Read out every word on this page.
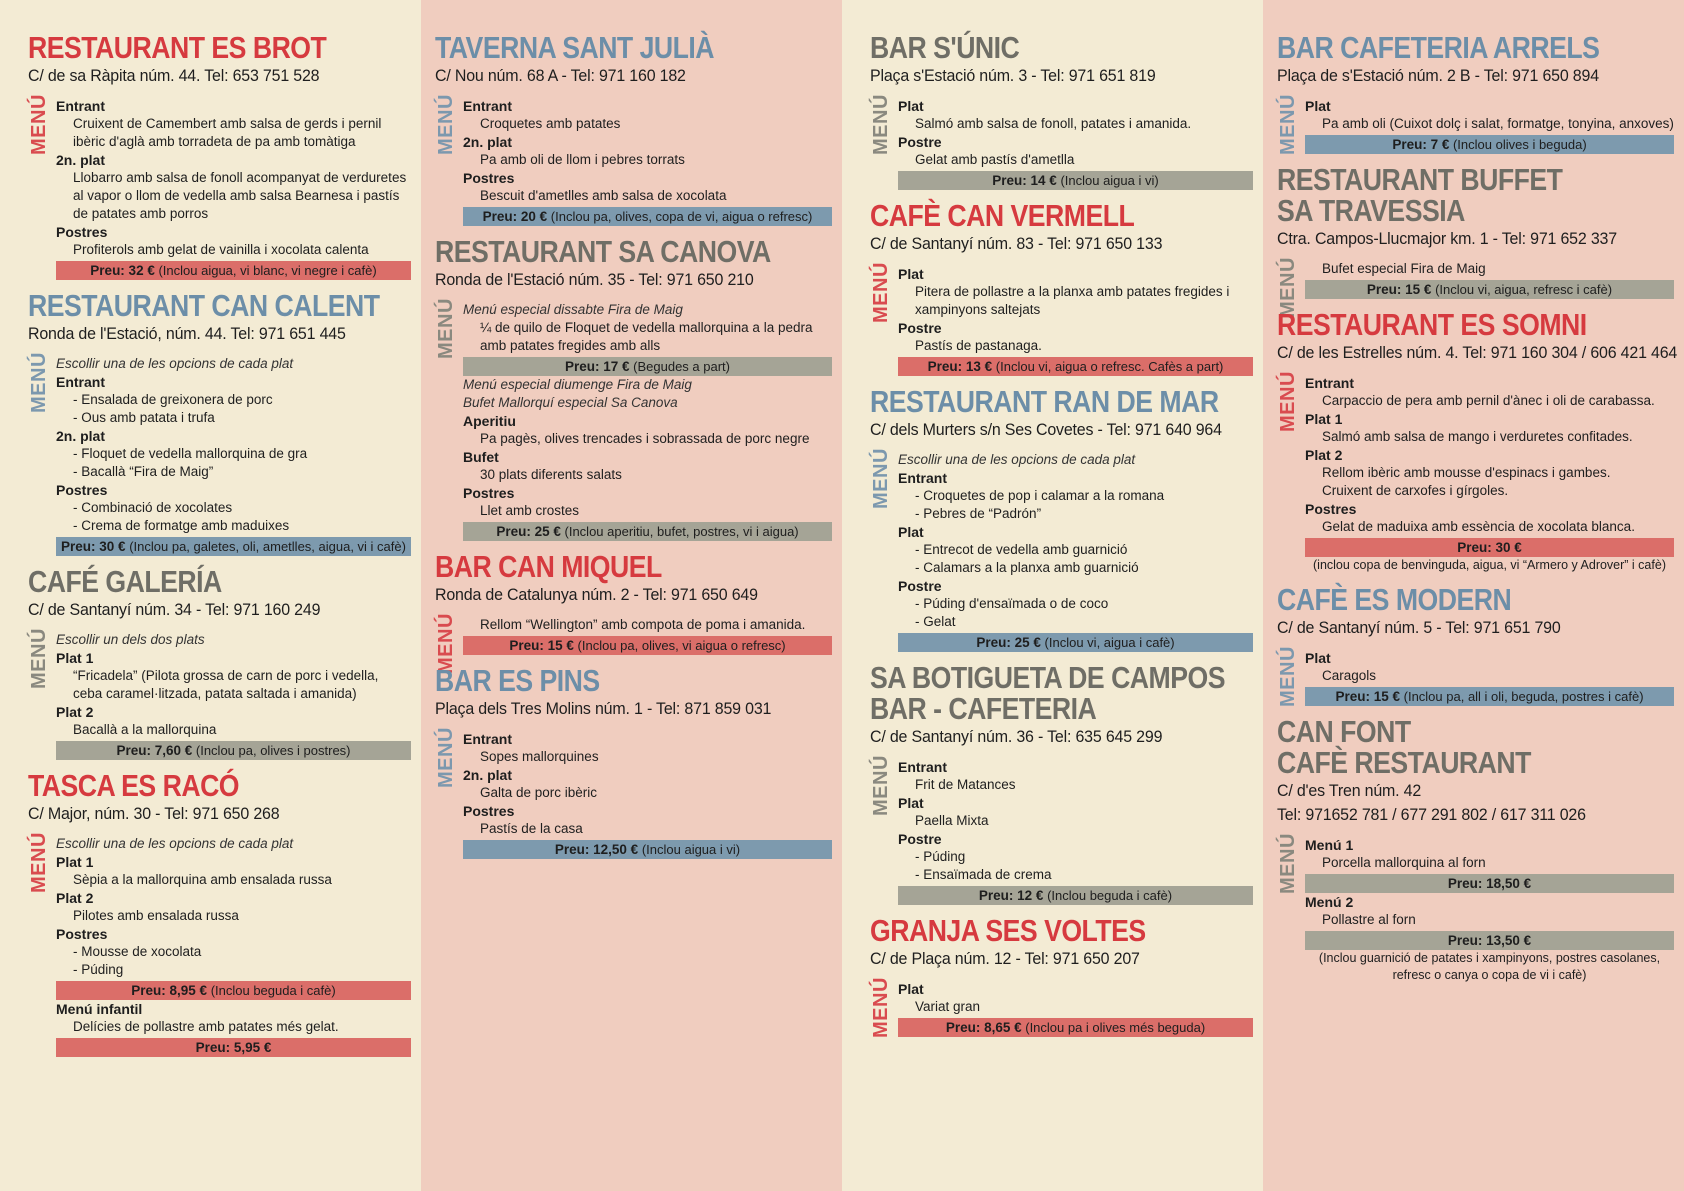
RESTAURANT ES BROT
C/ de sa Ràpita núm. 44. Tel: 653 751 528
MENÚ Entrant
Cruixent de Camembert amb salsa de gerds i pernil ibèric d'aglà amb torradeta de pa amb tomàtiga
2n. plat
Llobarro amb salsa de fonoll acompanyat de verduretes al vapor o llom de vedella amb salsa Bearnesa i pastís de patates amb porros
Postres
Profiterols amb gelat de vainilla i xocolata calenta
Preu: 32 € (Inclou aigua, vi blanc, vi negre i cafè)
RESTAURANT CAN CALENT
Ronda de l'Estació, núm. 44. Tel: 971 651 445
MENÚ Escollir una de les opcions de cada plat
Entrant
- Ensalada de greixonera de porc
- Ous amb patata i trufa
2n. plat
- Floquet de vedella mallorquina de gra
- Bacallà “Fira de Maig”
Postres
- Combinació de xocolates
- Crema de formatge amb maduixes
Preu: 30 € (Inclou pa, galetes, oli, ametlles, aigua, vi i cafè)
CAFÉ GALERÍA
C/ de Santanyí núm. 34 - Tel: 971 160 249
MENÚ Escollir un dels dos plats
Plat 1
“Fricadela” (Pilota grossa de carn de porc i vedella, ceba caramel·litzada, patata saltada i amanida)
Plat 2
Bacallà a la mallorquina
Preu: 7,60 € (Inclou pa, olives i postres)
TASCA ES RACÓ
C/ Major, núm. 30 - Tel: 971 650 268
MENÚ Escollir una de les opcions de cada plat
Plat 1
Sèpia a la mallorquina amb ensalada russa
Plat 2
Pilotes amb ensalada russa
Postres
- Mousse de xocolata
- Púding
Preu: 8,95 € (Inclou beguda i cafè)
Menú infantil
Delícies de pollastre amb patates més gelat.
Preu: 5,95 €
TAVERNA SANT JULIÀ
C/ Nou núm. 68 A - Tel: 971 160 182
MENÚ Entrant
Croquetes amb patates
2n. plat
Pa amb oli de llom i pebres torrats
Postres
Bescuit d'ametlles amb salsa de xocolata
Preu: 20 € (Inclou pa, olives, copa de vi, aigua o refresc)
RESTAURANT SA CANOVA
Ronda de l'Estació núm. 35 - Tel: 971 650 210
MENÚ Menú especial dissabte Fira de Maig
¼ de quilo de Floquet de vedella mallorquina a la pedra amb patates fregides amb alls
Preu: 17 € (Begudes a part)
Menú especial diumenge Fira de Maig
Bufet Mallorquí especial Sa Canova
Aperitiu
Pa pagès, olives trencades i sobrassada de porc negre
Bufet
30 plats diferents salats
Postres
Llet amb crostes
Preu: 25 € (Inclou aperitiu, bufet, postres, vi i aigua)
BAR CAN MIQUEL
Ronda de Catalunya núm. 2 - Tel: 971 650 649
MENÚ	Rellom “Wellington” amb compota de poma i amanida.
Preu: 15 € (Inclou pa, olives, vi aigua o refresc)
BAR ES PINS
Plaça dels Tres Molins núm. 1 - Tel: 871 859 031
MENÚ Entrant
Sopes mallorquines
2n. plat
Galta de porc ibèric
Postres
Pastís de la casa
Preu: 12,50 € (Inclou aigua i vi)
BAR S'ÚNIC
Plaça s'Estació núm. 3 - Tel: 971 651 819
MENÚ Plat
Salmó amb salsa de fonoll, patates i amanida.
Postre
Gelat amb pastís d'ametlla
Preu: 14 € (Inclou aigua i vi)
CAFÈ CAN VERMELL
C/ de Santanyí núm. 83 - Tel: 971 650 133
MENÚ Plat
Pitera de pollastre a la planxa amb patates fregides i xampinyons saltejats
Postre
Pastís de pastanaga.
Preu: 13 € (Inclou vi, aigua o refresc. Cafès a part)
RESTAURANT RAN DE MAR
C/ dels Murters s/n Ses Covetes - Tel: 971 640 964
MENÚ Escollir una de les opcions de cada plat
Entrant
- Croquetes de pop i calamar a la romana
- Pebres de “Padrón”
Plat
- Entrecot de vedella amb guarnició
- Calamars a la planxa amb guarnició
Postre
- Púding d'ensaïmada o de coco
- Gelat
Preu: 25 € (Inclou vi, aigua i cafè)
SA BOTIGUETA DE CAMPOS
BAR - CAFETERIA
C/ de Santanyí núm. 36 - Tel: 635 645 299
MENÚ Entrant
Frit de Matances
Plat
Paella Mixta
Postre
- Púding
- Ensaïmada de crema
Preu: 12 € (Inclou beguda i cafè)
GRANJA SES VOLTES
C/ de Plaça núm. 12 - Tel: 971 650 207
MENÚ Plat
Variat gran
Preu: 8,65 € (Inclou pa i olives més beguda)
BAR CAFETERIA ARRELS
Plaça de s'Estació núm. 2 B - Tel: 971 650 894
MENÚ Plat
Pa amb oli (Cuixot dolç i salat, formatge, tonyina, anxoves)
Preu: 7 € (Inclou olives i beguda)
RESTAURANT BUFFET
SA TRAVESSIA
Ctra. Campos-Llucmajor km. 1 - Tel: 971 652 337
MENÚ	Bufet especial Fira de Maig
Preu: 15 € (Inclou vi, aigua, refresc i cafè)
RESTAURANT ES SOMNI
C/ de les Estrelles núm. 4. Tel: 971 160 304 / 606 421 464
MENÚ Entrant
Carpaccio de pera amb pernil d'ànec i oli de carabassa.
Plat 1
Salmó amb salsa de mango i verduretes confitades.
Plat 2
Rellom ibèric amb mousse d'espinacs i gambes.
Cruixent de carxofes i gírgoles.
Postres
Gelat de maduixa amb essència de xocolata blanca.
Preu: 30 €
(inclou copa de benvinguda, aigua, vi “Armero y Adrover” i cafè)
CAFÈ ES MODERN
C/ de Santanyí núm. 5 - Tel: 971 651 790
MENÚ Plat
Caragols
Preu: 15 € (Inclou pa, all i oli, beguda, postres i cafè)
CAN FONT
CAFÈ RESTAURANT
C/ d'es Tren núm. 42
Tel: 971652 781 / 677 291 802 / 617 311 026
MENÚ Menú 1
Porcella mallorquina al forn
Preu: 18,50 €
Menú 2
Pollastre al forn
Preu: 13,50 €
(Inclou guarnició de patates i xampinyons, postres casolanes, refresc o canya o copa de vi i cafè)
